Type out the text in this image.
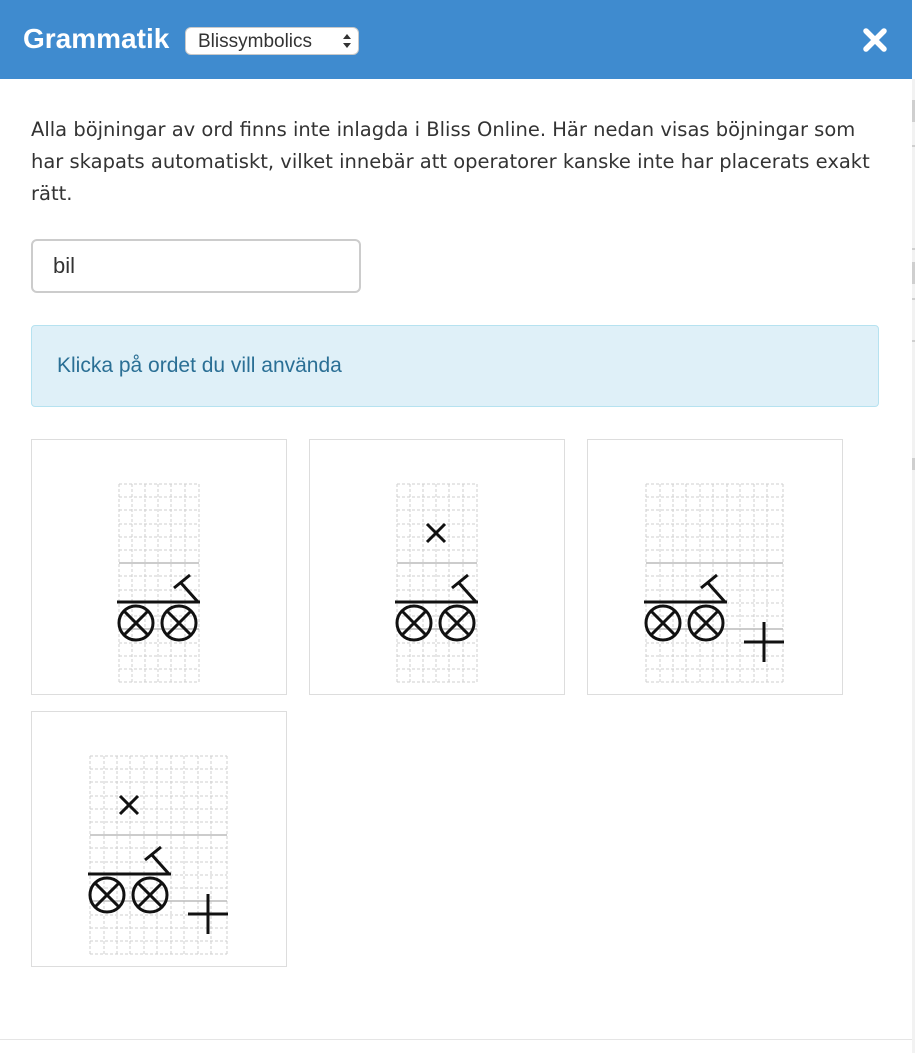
Grammatik Blissymbolics
Alla böjningar av ord finns inte inlagda i Bliss Online. Här nedan visas böjningar som har skapats automatiskt, vilket innebär att operatorer kanske inte har placerats exakt rätt.
bil
Klicka på ordet du vill använda
